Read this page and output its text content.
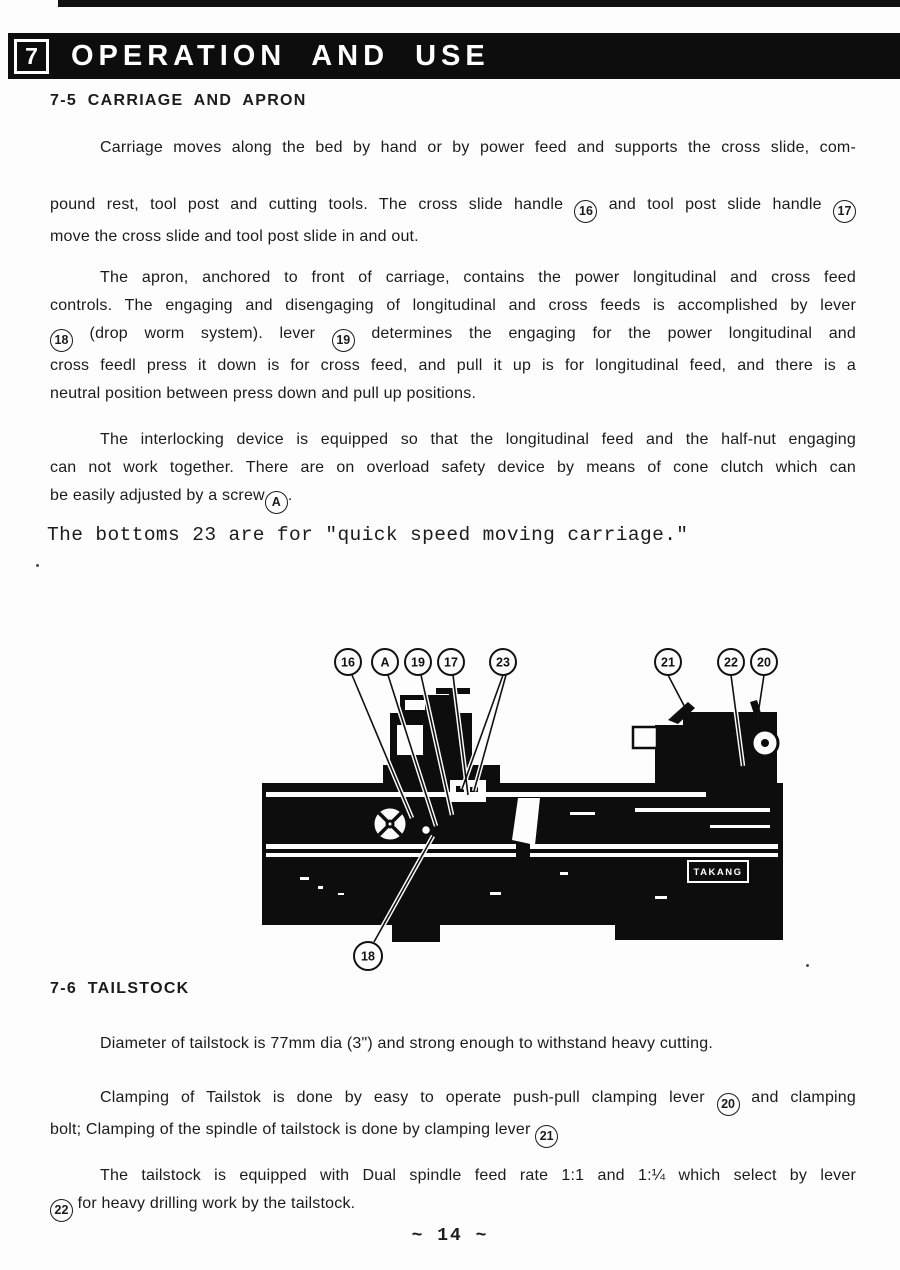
7 OPERATION AND USE
7-5 CARRIAGE AND APRON
Carriage moves along the bed by hand or by power feed and supports the cross slide, com-
pound rest, tool post and cutting tools. The cross slide handle 16 and tool post slide handle 17
move the cross slide and tool post slide in and out.
The apron, anchored to front of carriage, contains the power longitudinal and cross feed
controls. The engaging and disengaging of longitudinal and cross feeds is accomplished by lever
18 (drop worm system). lever 19 determines the engaging for the power longitudinal and
cross feedl press it down is for cross feed, and pull it up is for longitudinal feed, and there is a
neutral position between press down and pull up positions.
The interlocking device is equipped so that the longitudinal feed and the half-nut engaging
can not work together. There are on overload safety device by means of cone clutch which can
be easily adjusted by a screw A .
The bottoms 23 are for "quick speed moving carriage."
TAKANG
16 A 19 17	23	21	22 20
18
7-6 TAILSTOCK
Diameter of tailstock is 77mm dia (3") and strong enough to withstand heavy cutting.
Clamping of Tailstok is done by easy to operate push-pull clamping lever 20 and clamping
bolt; Clamping of the spindle of tailstock is done by clamping lever 21
The tailstock is equipped with Dual spindle feed rate 1:1 and 1:¼ which select by lever
22 for heavy drilling work by the tailstock.
~ 14 ~
